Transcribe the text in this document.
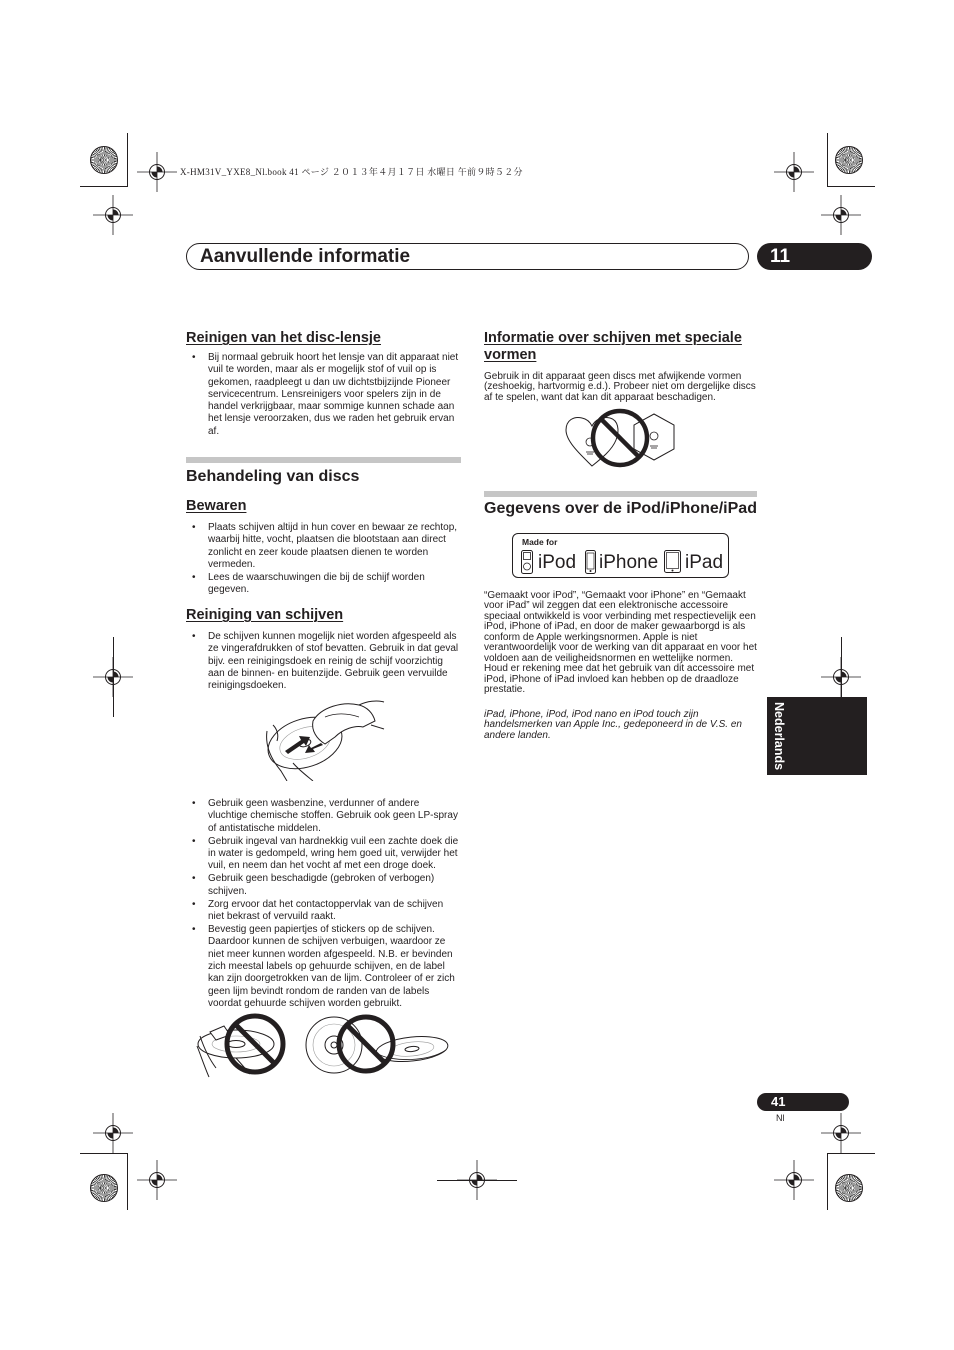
X-HM31V_YXE8_Nl.book 41 ページ ２０１３年４月１７日 水曜日 午前９時５２分
Aanvullende informatie	11
Reinigen van het disc-lensje
• Bij normaal gebruik hoort het lensje van dit apparaat niet
vuil te worden, maar als er mogelijk stof of vuil op is
gekomen, raadpleegt u dan uw dichtstbijzijnde Pioneer
servicecentrum. Lensreinigers voor spelers zijn in de
handel verkrijgbaar, maar sommige kunnen schade aan
het lensje veroorzaken, dus we raden het gebruik ervan
af.
Behandeling van discs
Bewaren
• Plaats schijven altijd in hun cover en bewaar ze rechtop,
waarbij hitte, vocht, plaatsen die blootstaan aan direct
zonlicht en zeer koude plaatsen dienen te worden
vermeden.
• Lees de waarschuwingen die bij de schijf worden
gegeven.
Reiniging van schijven
• De schijven kunnen mogelijk niet worden afgespeeld als
ze vingerafdrukken of stof bevatten. Gebruik in dat geval
bijv. een reinigingsdoek en reinig de schijf voorzichtig
aan de binnen- en buitenzijde. Gebruik geen vervuilde
reinigingsdoeken.
• Gebruik geen wasbenzine, verdunner of andere
vluchtige chemische stoffen. Gebruik ook geen LP-spray
of antistatische middelen.
• Gebruik ingeval van hardnekkig vuil een zachte doek die
in water is gedompeld, wring hem goed uit, verwijder het
vuil, en neem dan het vocht af met een droge doek.
• Gebruik geen beschadigde (gebroken of verbogen)
schijven.
• Zorg ervoor dat het contactoppervlak van de schijven
niet bekrast of vervuild raakt.
• Bevestig geen papiertjes of stickers op de schijven.
Daardoor kunnen de schijven verbuigen, waardoor ze
niet meer kunnen worden afgespeeld. N.B. er bevinden
zich meestal labels op gehuurde schijven, en de label
kan zijn doorgetrokken van de lijm. Controleer of er zich
geen lijm bevindt rondom de randen van de labels
voordat gehuurde schijven worden gebruikt.
Informatie over schijven met speciale
vormen
Gebruik in dit apparaat geen discs met afwijkende vormen
(zeshoekig, hartvormig e.d.). Probeer niet om dergelijke discs
af te spelen, want dat kan dit apparaat beschadigen.
Gegevens over de iPod/iPhone/iPad
Made for
iPod iPhone iPad
“Gemaakt voor iPod”, “Gemaakt voor iPhone” en “Gemaakt
voor iPad” wil zeggen dat een elektronische accessoire
speciaal ontwikkeld is voor verbinding met respectievelijk een
iPod, iPhone of iPad, en door de maker gewaarborgd is als
conform de Apple werkingsnormen. Apple is niet
verantwoordelijk voor de werking van dit apparaat en voor het
voldoen aan de veiligheidsnormen en wettelijke normen.
Houd er rekening mee dat het gebruik van dit accessoire met
iPod, iPhone of iPad invloed kan hebben op de draadloze
prestatie.
iPad, iPhone, iPod, iPod nano en iPod touch zijn
handelsmerken van Apple Inc., gedeponeerd in de V.S. en
andere landen.	Nederlands
41
Nl
